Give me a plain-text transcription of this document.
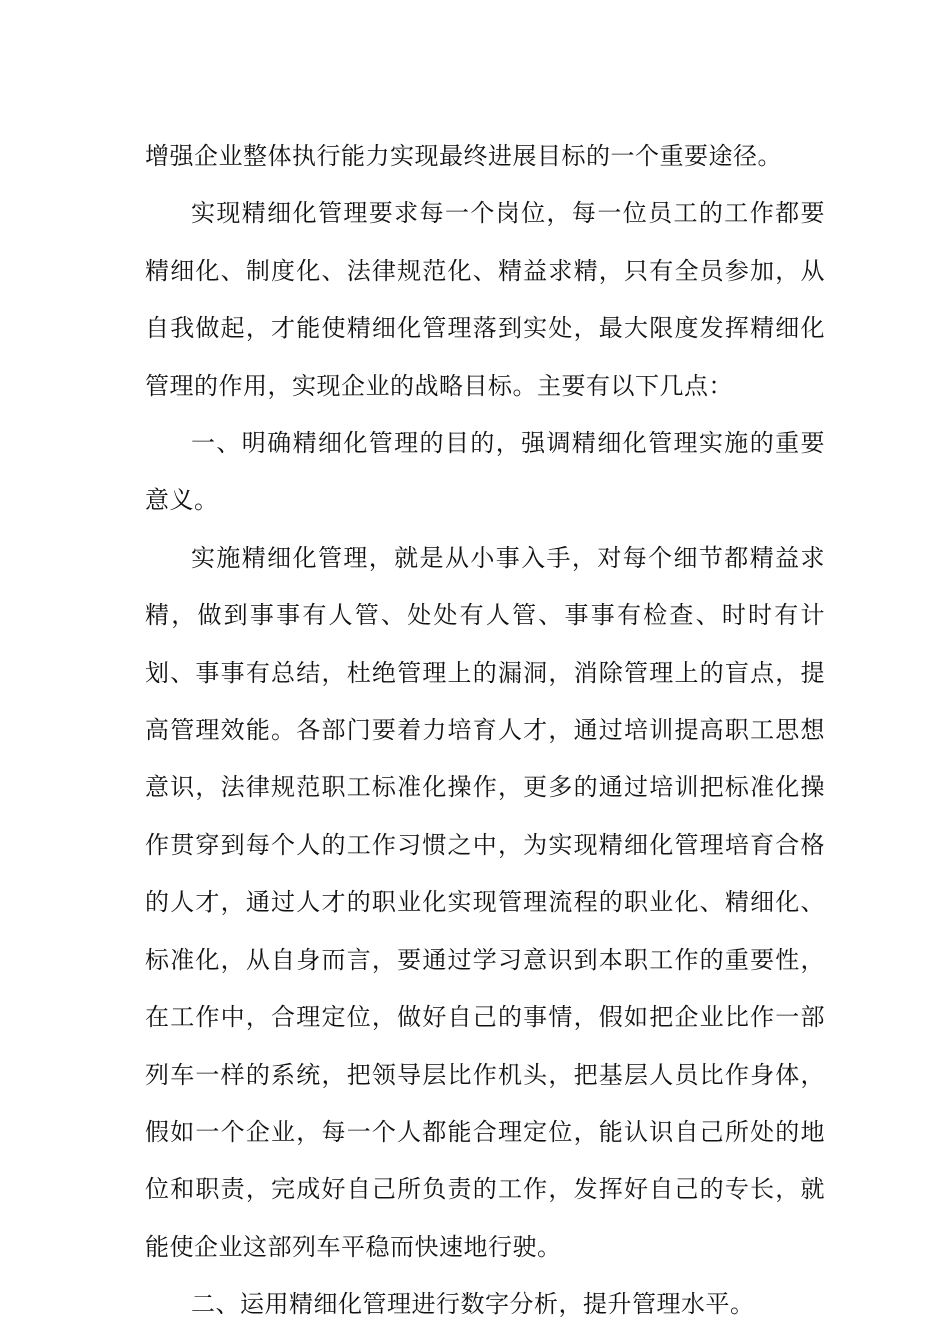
增强企业整体执行能力实现最终进展目标的一个重要途径。

实现精细化管理要求每一个岗位，每一位员工的工作都要精细化、制度化、法律规范化、精益求精，只有全员参加，从自我做起，才能使精细化管理落到实处，最大限度发挥精细化管理的作用，实现企业的战略目标。主要有以下几点：

一、明确精细化管理的目的，强调精细化管理实施的重要意义。

实施精细化管理，就是从小事入手，对每个细节都精益求精，做到事事有人管、处处有人管、事事有检查、时时有计划、事事有总结，杜绝管理上的漏洞，消除管理上的盲点，提高管理效能。各部门要着力培育人才，通过培训提高职工思想意识，法律规范职工标准化操作，更多的通过培训把标准化操作贯穿到每个人的工作习惯之中，为实现精细化管理培育合格的人才，通过人才的职业化实现管理流程的职业化、精细化、标准化，从自身而言，要通过学习意识到本职工作的重要性，在工作中，合理定位，做好自己的事情，假如把企业比作一部列车一样的系统，把领导层比作机头，把基层人员比作身体，假如一个企业，每一个人都能合理定位，能认识自己所处的地位和职责，完成好自己所负责的工作，发挥好自己的专长，就能使企业这部列车平稳而快速地行驶。

二、运用精细化管理进行数字分析，提升管理水平。
